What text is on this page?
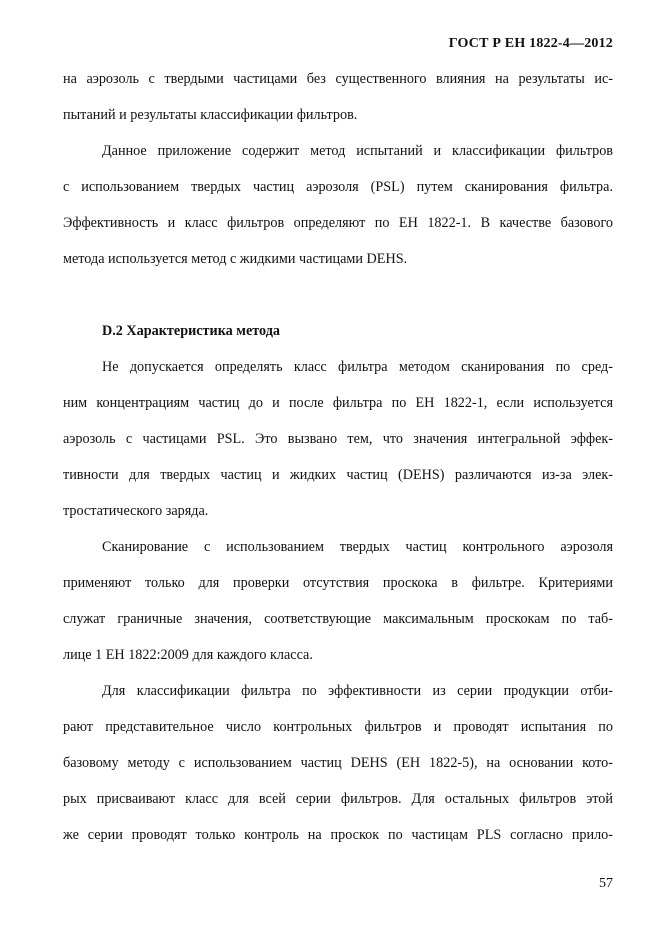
ГОСТ Р ЕН 1822-4—2012
на аэрозоль с твердыми частицами без существенного влияния на результаты ис-
пытаний и результаты классификации фильтров.
Данное приложение содержит метод испытаний и классификации фильтров
с использованием твердых частиц аэрозоля (PSL) путем сканирования фильтра.
Эффективность и класс фильтров определяют по ЕН 1822-1. В качестве базового
метода используется метод с жидкими частицами DEHS.
D.2 Характеристика метода
Не допускается определять класс фильтра методом сканирования по сред-
ним концентрациям частиц до и после фильтра по ЕН 1822-1, если используется
аэрозоль с частицами PSL. Это вызвано тем, что значения интегральной эффек-
тивности для твердых частиц и жидких частиц (DEHS) различаются из-за элек-
тростатического заряда.
Сканирование с использованием твердых частиц контрольного аэрозоля
применяют только для проверки отсутствия проскока в фильтре. Критериями
служат граничные значения, соответствующие максимальным проскокам по таб-
лице 1 ЕН 1822:2009 для каждого класса.
Для классификации фильтра по эффективности из серии продукции отби-
рают представительное число контрольных фильтров и проводят испытания по
базовому методу с использованием частиц DEHS (ЕН 1822-5), на основании кото-
рых присваивают класс для всей серии фильтров. Для остальных фильтров этой
же серии проводят только контроль на проскок по частицам PLS согласно прило-
57
